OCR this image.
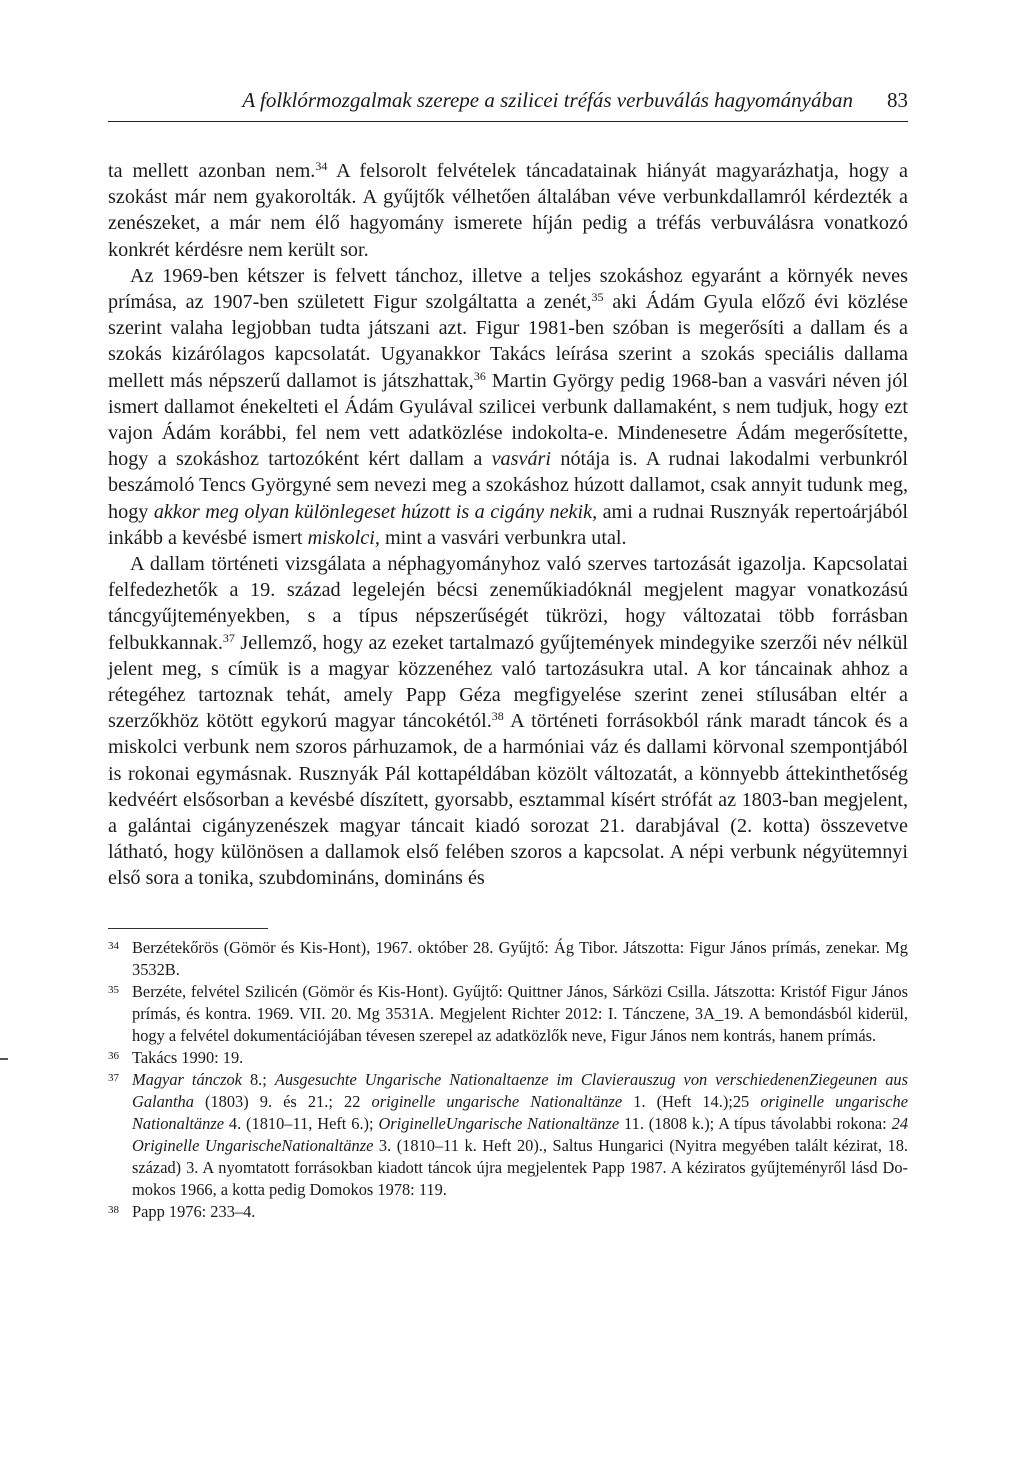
A folklórmozgalmak szerepe a szilicei tréfás verbuválás hagyományában 83

ta mellett azonban nem.$^{34}$ A felsorolt felvételek táncadatainak hiányát magyarázhatja, hogy a szokást már nem gyakorolták. A gyűjtők vélhetően általában véve verbunkdallamról kérdezték a zenészeket, a már nem élő hagyomány ismerete híján pedig a tréfás verbuválásra vonatkozó konkrét kérdésre nem került sor.

Az 1969-ben kétszer is felvett tánchoz, illetve a teljes szokáshoz egyaránt a környék neves prímása, az 1907-ben született Figur szolgáltatta a zenét,$^{35}$ aki Ádám Gyula előző évi közlése szerint valaha legjobban tudta játszani azt. Figur 1981-ben szóban is megerősíti a dallam és a szokás kizárólagos kapcsolatát. Ugyanakkor Takács leírása szerint a szokás speciális dallama mellett más népszerű dallamot is játszhattak,$^{36}$ Martin György pedig 1968-ban a vasvári néven jól ismert dallamot énekelteti el Ádám Gyulával szilicei verbunk dallamaként, s nem tudjuk, hogy ezt vajon Ádám korábbi, fel nem vett adatközlése indokolta-e. Mindenesetre Ádám megerősítette, hogy a szokáshoz tartozóként kért dallam a vasvári nótája is. A rudnai lakodalmi verbunkról beszámoló Tencs Györgyné sem nevezi meg a szokáshoz húzott dallamot, csak annyit tudunk meg, hogy akkor meg olyan különlegeset húzott is a cigány nekik, ami a rudnai Rusznyák repertoárjából inkább a kevésbé ismert miskolci, mint a vasvári verbunkra utal.

A dallam történeti vizsgálata a néphagyományhoz való szerves tartozását igazolja. Kapcsolatai felfedezhetők a 19. század legelején bécsi zeneműkiadóknál megjelent magyar vonatkozású táncgyűjteményekben, s a típus népszerűségét tükrözi, hogy változatai több forrásban felbukkannak.$^{37}$ Jellemző, hogy az ezeket tartalmazó gyűjtemények mindegyike szerzői név nélkül jelent meg, s címük is a magyar közzenéhez való tartozásukra utal. A kor táncainak ahhoz a rétegéhez tartoznak tehát, amely Papp Géza megfigyelése szerint zenei stílusában eltér a szerzőkhöz kötött egykorú magyar táncokétól.$^{38}$ A történeti forrásokból ránk maradt táncok és a miskolci verbunk nem szoros párhuzamok, de a harmóniai váz és dallami körvonal szempontjából is rokonai egymásnak. Rusznyák Pál kottapéldában közölt változatát, a könnyebb áttekinthetőség kedvéért elsősorban a kevésbé díszített, gyorsabb, esztammal kísért strófát az 1803-ban megjelent, a galántai cigányzenészek magyar táncait kiadó sorozat 21. darabjával (2. kotta) összevetve látható, hogy különösen a dallamok első felében szoros a kapcsolat. A népi verbunk négyütemnyi első sora a tonika, szubdomináns, domináns és

34 Berzétekőrös (Gömör és Kis-Hont), 1967. október 28. Gyűjtő: Ág Tibor. Játszotta: Figur János prímás, zenekar. Mg 3532B.
35 Berzéte, felvétel Szilicén (Gömör és Kis-Hont). Gyűjtő: Quittner János, Sárközi Csilla. Játszotta: Kristóf Figur János prímás, és kontra. 1969. VII. 20. Mg 3531A. Megjelent Richter 2012: I. Tánczene, 3A_19. A bemondásból kiderül, hogy a felvétel dokumentációjában tévesen szerepel az adatközlők neve, Figur János nem kontrás, hanem prímás.
36 Takács 1990: 19.
37 Magyar tánczok 8.; Ausgesuchte Ungarische Nationaltaenze im Clavierauszug von verschiedenenZiegeunen aus Galantha (1803) 9. és 21.; 22 originelle ungarische Nationaltänze 1. (Heft 14.);25 originelle ungarische Nationaltänze 4. (1810–11, Heft 6.); OriginelleUngarische Nationaltänze 11. (1808 k.); A típus távolabbi rokona: 24 Originelle UngarischeNationaltänze 3. (1810–11 k. Heft 20)., Saltus Hungarici (Nyitra megyében talált kézirat, 18. század) 3. A nyomtatott forrásokban kiadott táncok újra megjelentek Papp 1987. A kéziratos gyűjteményről lásd Domokos 1966, a kotta pedig Domokos 1978: 119.
38 Papp 1976: 233–4.
